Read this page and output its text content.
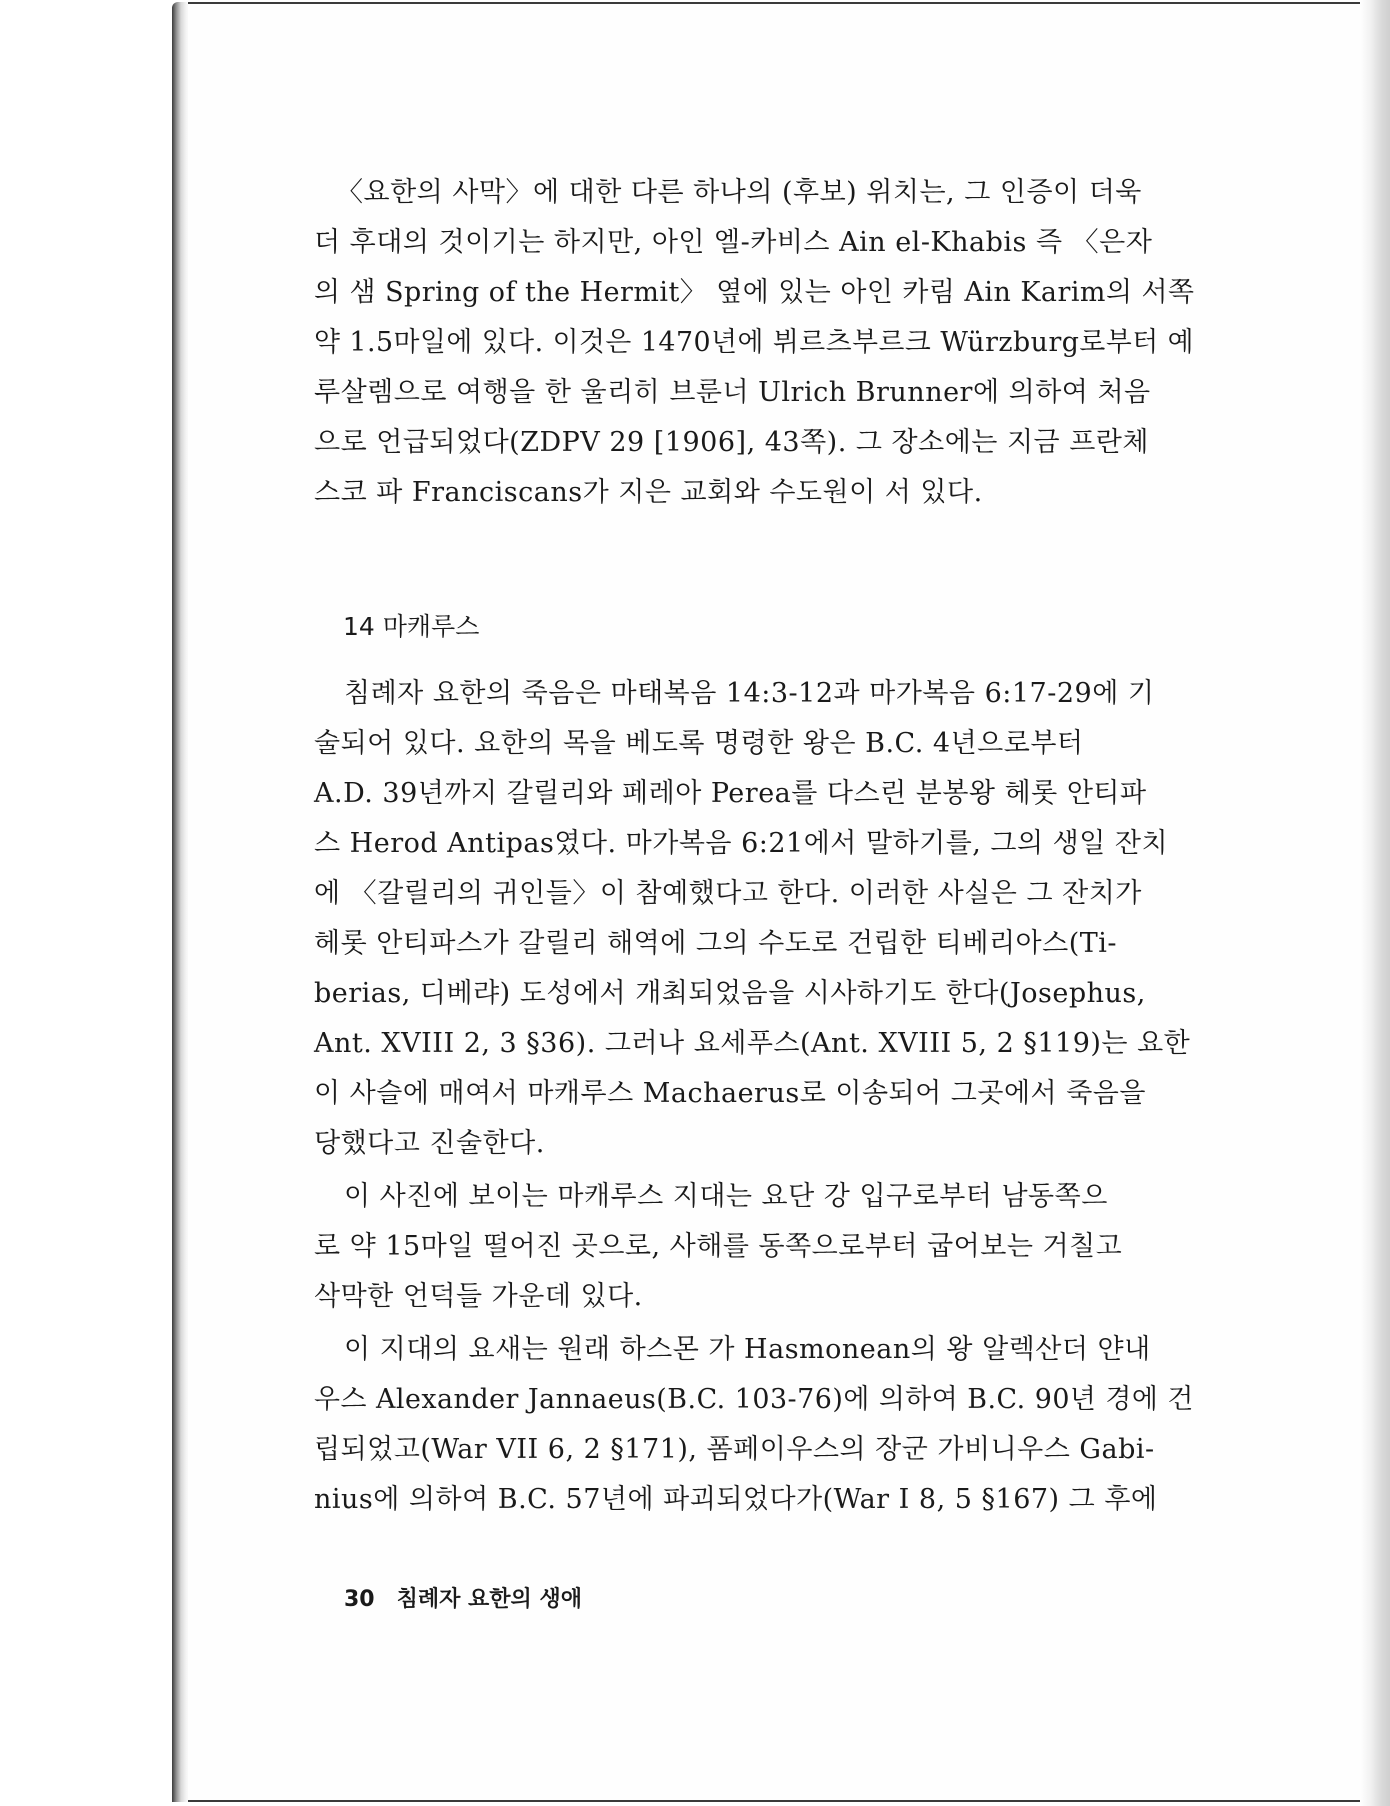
〈요한의 사막〉에 대한 다른 하나의 (후보) 위치는, 그 인증이 더욱
더 후대의 것이기는 하지만, 아인 엘-카비스 Ain el-Khabis 즉 〈은자
의 샘 Spring of the Hermit〉 옆에 있는 아인 카림 Ain Karim의 서쪽
약 1.5마일에 있다. 이것은 1470년에 뷔르츠부르크 Würzburg로부터 예
루살렘으로 여행을 한 울리히 브룬너 Ulrich Brunner에 의하여 처음
으로 언급되었다(ZDPV 29 [1906], 43쪽). 그 장소에는 지금 프란체
스코 파 Franciscans가 지은 교회와 수도원이 서 있다.
14 마캐루스
침례자 요한의 죽음은 마태복음 14:3-12과 마가복음 6:17-29에 기
술되어 있다. 요한의 목을 베도록 명령한 왕은 B.C. 4년으로부터
A.D. 39년까지 갈릴리와 페레아 Perea를 다스린 분봉왕 헤롯 안티파
스 Herod Antipas였다. 마가복음 6:21에서 말하기를, 그의 생일 잔치
에 〈갈릴리의 귀인들〉이 참예했다고 한다. 이러한 사실은 그 잔치가
헤롯 안티파스가 갈릴리 해역에 그의 수도로 건립한 티베리아스(Ti-
berias, 디베랴) 도성에서 개최되었음을 시사하기도 한다(Josephus,
Ant. XVIII 2, 3 §36). 그러나 요세푸스(Ant. XVIII 5, 2 §119)는 요한
이 사슬에 매여서 마캐루스 Machaerus로 이송되어 그곳에서 죽음을
당했다고 진술한다.
이 사진에 보이는 마캐루스 지대는 요단 강 입구로부터 남동쪽으
로 약 15마일 떨어진 곳으로, 사해를 동쪽으로부터 굽어보는 거칠고
삭막한 언덕들 가운데 있다.
이 지대의 요새는 원래 하스몬 가 Hasmonean의 왕 알렉산더 얀내
우스 Alexander Jannaeus(B.C. 103-76)에 의하여 B.C. 90년 경에 건
립되었고(War VII 6, 2 §171), 폼페이우스의 장군 가비니우스 Gabi-
nius에 의하여 B.C. 57년에 파괴되었다가(War I 8, 5 §167) 그 후에
30 침례자 요한의 생애
